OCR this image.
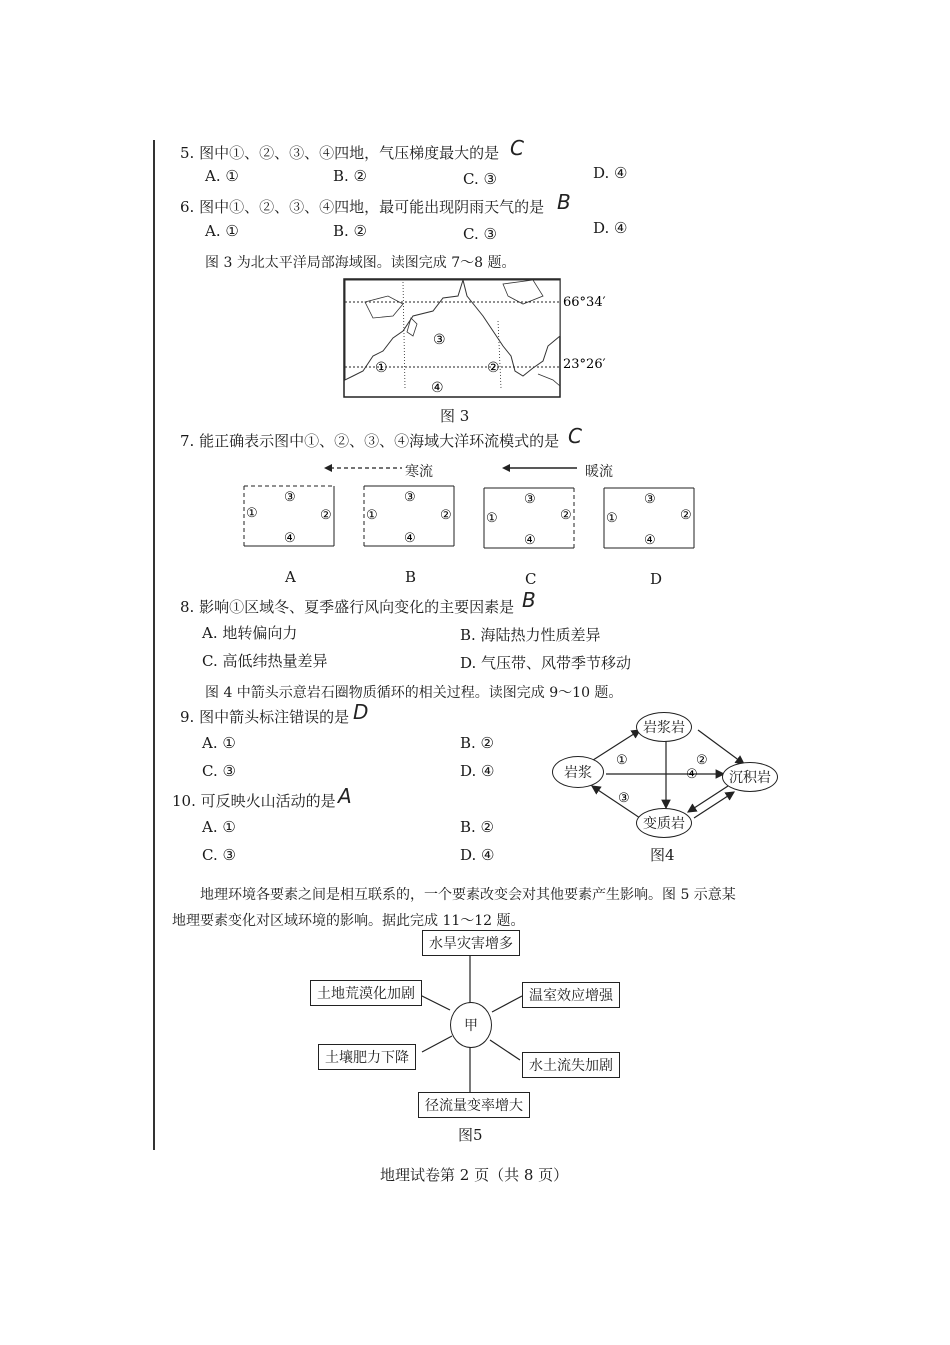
5. 图中①、②、③、④四地，气压梯度最大的是 C
A. ①	B. ②	C. ③	D. ④
6. 图中①、②、③、④四地，最可能出现阴雨天气的是 B
A. ①	B. ②	C. ③	D. ④
图 3 为北太平洋局部海域图。读图完成 7～8 题。
③
①	②
④
66°34′
23°26′
图 3
7. 能正确表示图中①、②、③、④海域大洋环流模式的是 C
寒流	暖流
③
①	②
④
③
①	②
④
③
①	②
④
③
①	②
④
A	B	C	D
8. 影响①区域冬、夏季盛行风向变化的主要因素是 B
A. 地转偏向力	B. 海陆热力性质差异
C. 高低纬热量差异	D. 气压带、风带季节移动
图 4 中箭头示意岩石圈物质循环的相关过程。读图完成 9～10 题。
9. 图中箭头标注错误的是 D
A. ①	B. ②
C. ③	D. ④
10. 可反映火山活动的是 A
A. ①	B. ②
C. ③	D. ④
①	②
④
③
岩浆岩
岩浆	沉积岩
变质岩
图4
地理环境各要素之间是相互联系的，一个要素改变会对其他要素产生影响。图 5 示意某
地理要素变化对区域环境的影响。据此完成 11～12 题。
水旱灾害增多
土地荒漠化加剧	温室效应增强
甲
土壤肥力下降	水土流失加剧
径流量变率增大
图5
地理试卷第 2 页（共 8 页）
